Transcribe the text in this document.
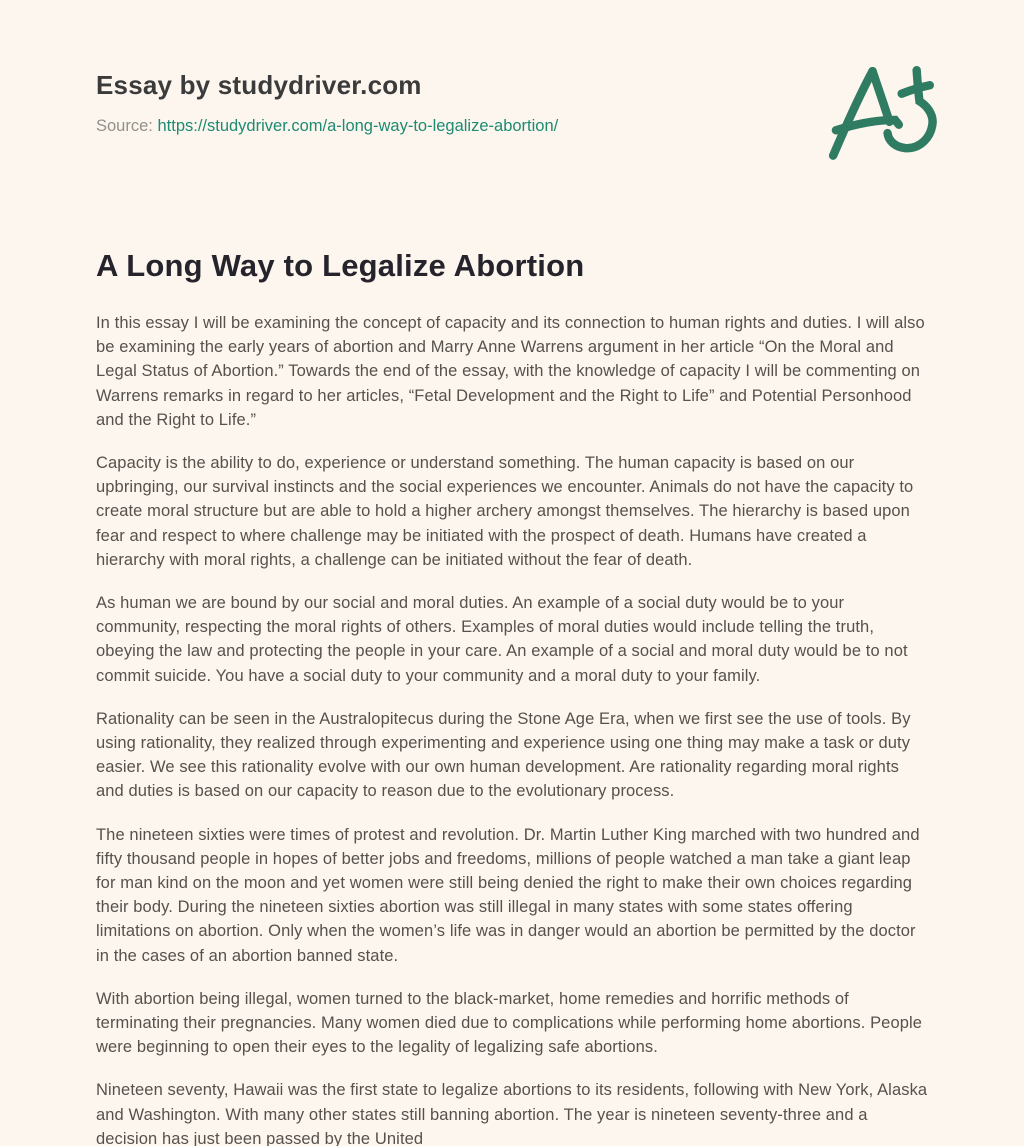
Essay by studydriver.com
Source: https://studydriver.com/a-long-way-to-legalize-abortion/
A Long Way to Legalize Abortion

In this essay I will be examining the concept of capacity and its connection to human rights and duties. I will also be examining the early years of abortion and Marry Anne Warrens argument in her article “On the Moral and Legal Status of Abortion.” Towards the end of the essay, with the knowledge of capacity I will be commenting on Warrens remarks in regard to her articles, “Fetal Development and the Right to Life” and Potential Personhood and the Right to Life.”

Capacity is the ability to do, experience or understand something. The human capacity is based on our upbringing, our survival instincts and the social experiences we encounter. Animals do not have the capacity to create moral structure but are able to hold a higher archery amongst themselves. The hierarchy is based upon fear and respect to where challenge may be initiated with the prospect of death. Humans have created a hierarchy with moral rights, a challenge can be initiated without the fear of death.

As human we are bound by our social and moral duties. An example of a social duty would be to your community, respecting the moral rights of others. Examples of moral duties would include telling the truth, obeying the law and protecting the people in your care. An example of a social and moral duty would be to not commit suicide. You have a social duty to your community and a moral duty to your family.

Rationality can be seen in the Australopitecus during the Stone Age Era, when we first see the use of tools. By using rationality, they realized through experimenting and experience using one thing may make a task or duty easier. We see this rationality evolve with our own human development. Are rationality regarding moral rights and duties is based on our capacity to reason due to the evolutionary process.

The nineteen sixties were times of protest and revolution. Dr. Martin Luther King marched with two hundred and fifty thousand people in hopes of better jobs and freedoms, millions of people watched a man take a giant leap for man kind on the moon and yet women were still being denied the right to make their own choices regarding their body. During the nineteen sixties abortion was still illegal in many states with some states offering limitations on abortion. Only when the women’s life was in danger would an abortion be permitted by the doctor in the cases of an abortion banned state.

With abortion being illegal, women turned to the black-market, home remedies and horrific methods of terminating their pregnancies. Many women died due to complications while performing home abortions. People were beginning to open their eyes to the legality of legalizing safe abortions.

Nineteen seventy, Hawaii was the first state to legalize abortions to its residents, following with New York, Alaska and Washington. With many other states still banning abortion. The year is nineteen seventy-three and a decision has just been passed by the United
